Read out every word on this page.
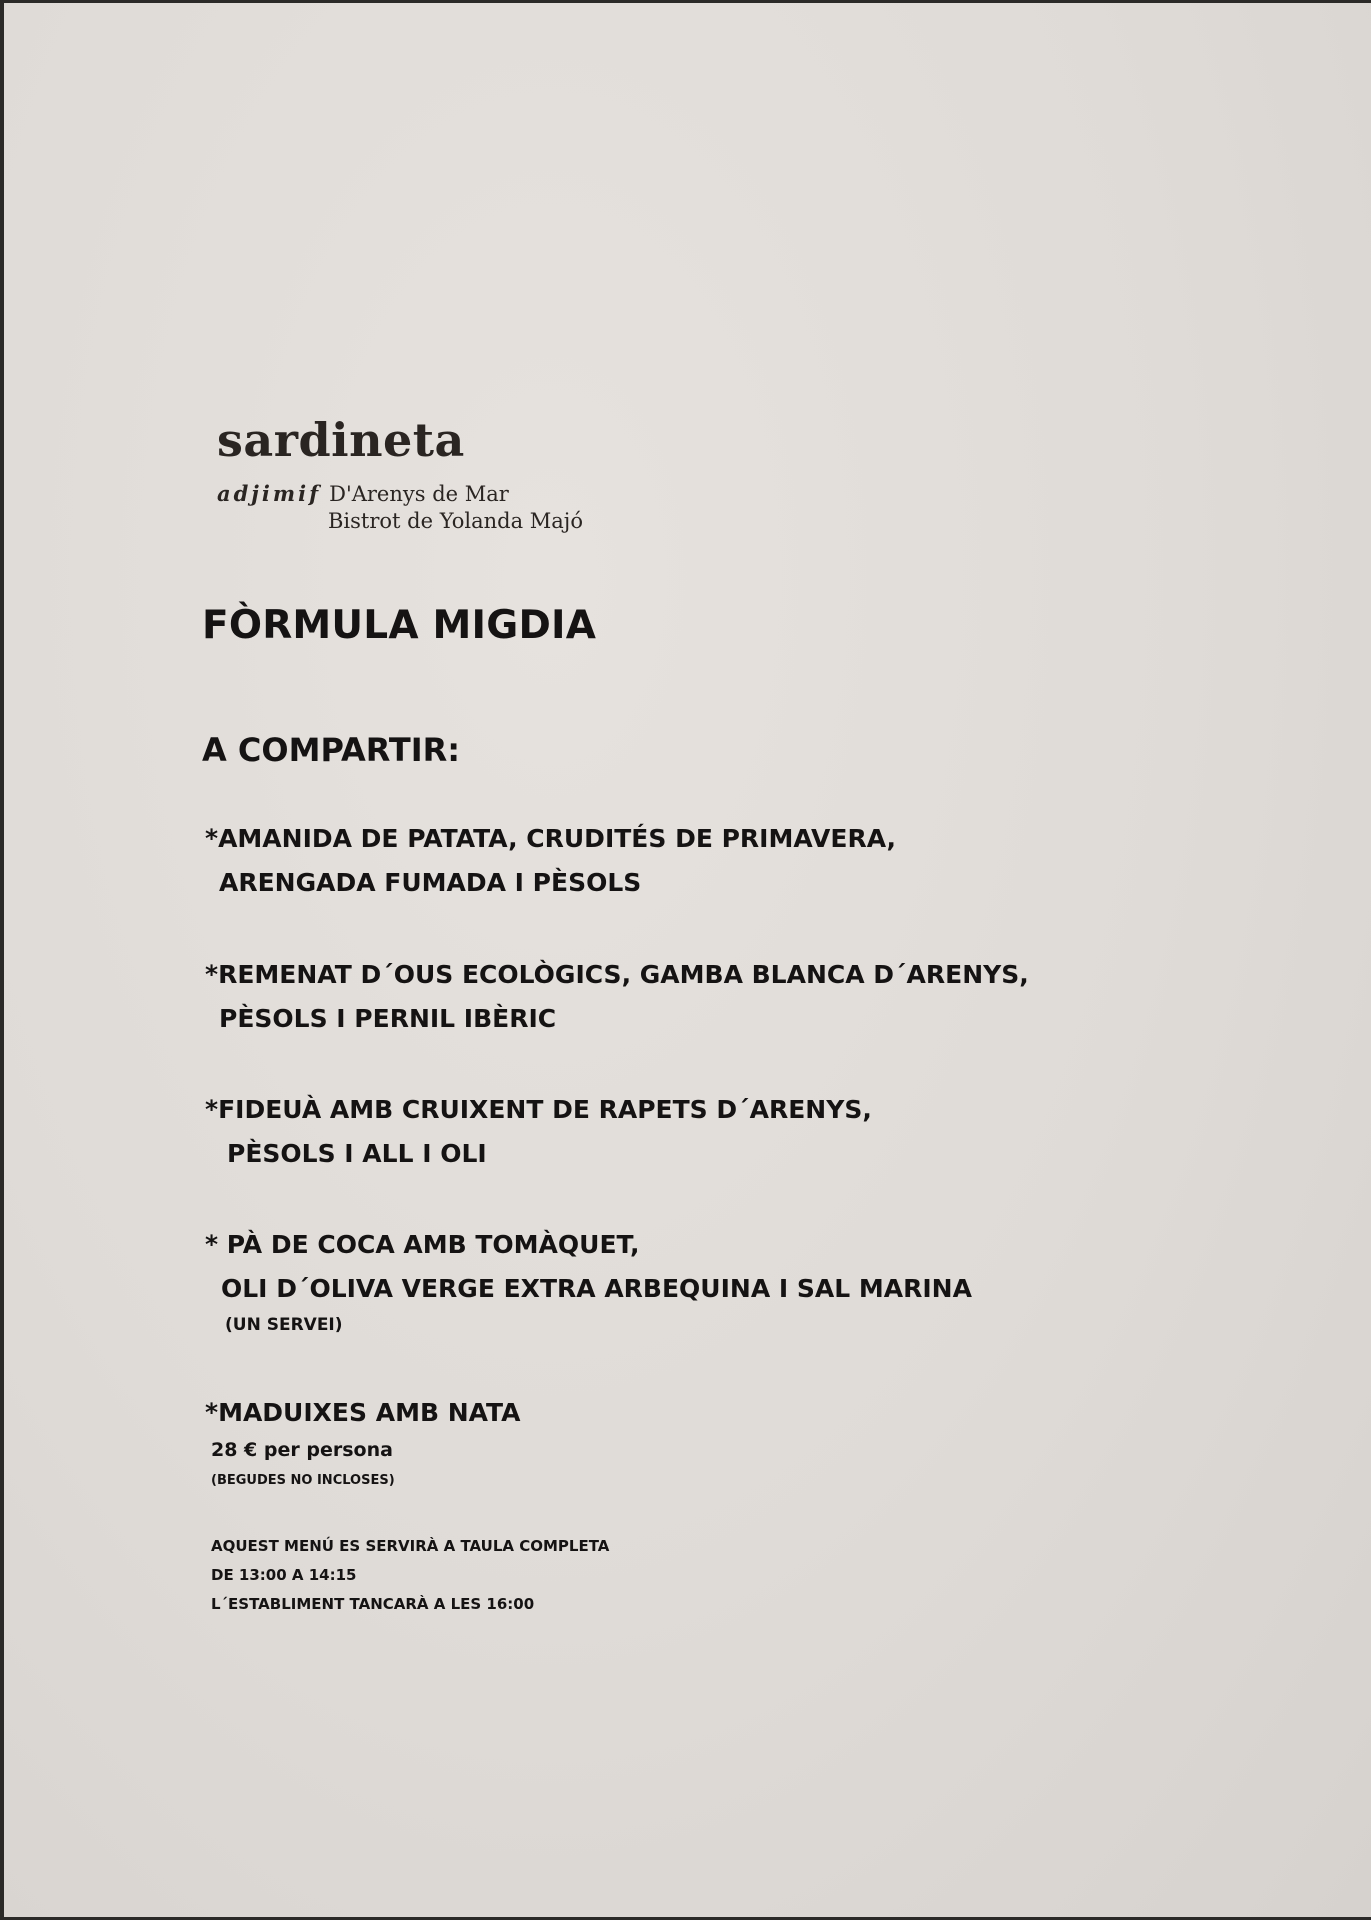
sardineta
adjimif D'Arenys de Mar
Bistrot de Yolanda Majó
FÒRMULA MIGDIA
A COMPARTIR:
*AMANIDA DE PATATA, CRUDITÉS DE PRIMAVERA,
ARENGADA FUMADA I PÈSOLS
*REMENAT D´OUS ECOLÒGICS, GAMBA BLANCA D´ARENYS,
PÈSOLS I PERNIL IBÈRIC
*FIDEUÀ AMB CRUIXENT DE RAPETS D´ARENYS,
PÈSOLS I ALL I OLI
* PÀ DE COCA AMB TOMÀQUET,
OLI D´OLIVA VERGE EXTRA ARBEQUINA I SAL MARINA
(UN SERVEI)
*MADUIXES AMB NATA
28 € per persona
(BEGUDES NO INCLOSES)
AQUEST MENÚ ES SERVIRÀ A TAULA COMPLETA
DE 13:00 A 14:15
L´ESTABLIMENT TANCARÀ A LES 16:00
